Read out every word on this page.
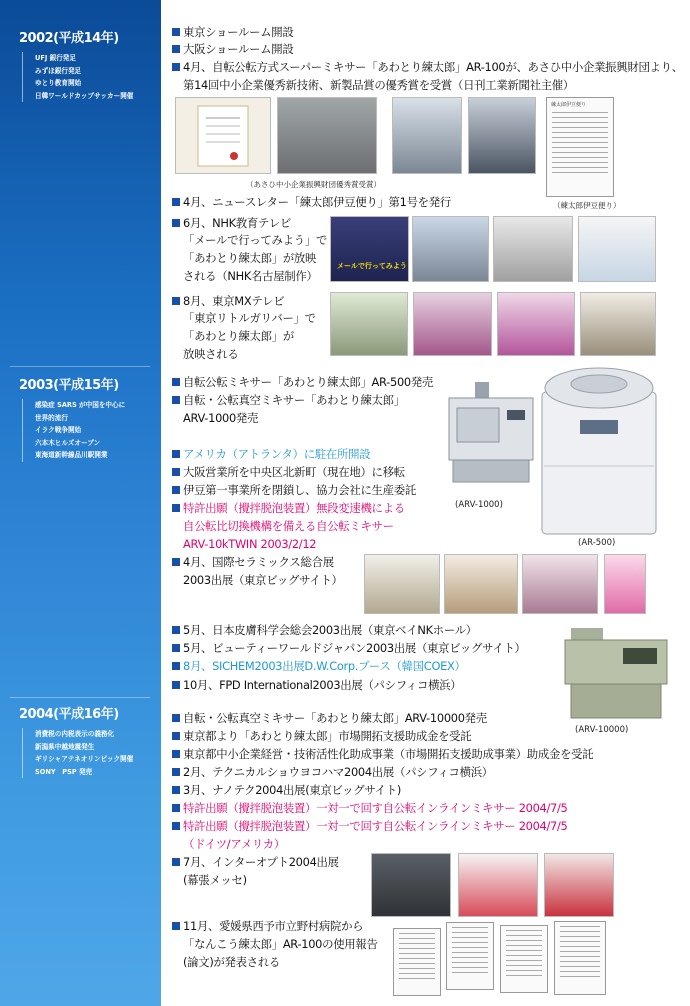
2002(平成14年)
UFJ 銀行発足
みずほ銀行発足
ゆとり教育開始
日韓ワールドカップサッカー開催
2003(平成15年)
感染症 SARS が中国を中心に
世界的流行
イラク戦争開始
六本木ヒルズオープン
東海道新幹線品川駅開業
2004(平成16年)
消費税の内税表示の義務化
新潟県中越地震発生
ギリシャアテネオリンピック開催
SONY　PSP 発売
東京ショールーム開設
大阪ショールーム開設
4月、自転公転方式スーパーミキサー「あわとり練太郎」AR-100が、あさひ中小企業振興財団より、
第14回中小企業優秀新技術、新製品賞の優秀賞を受賞（日刊工業新聞社主催）
（あさひ中小企業振興財団優秀賞受賞）
練太郎伊豆便り
（練太郎伊豆便り）
4月、ニュースレター「練太郎伊豆便り」第1号を発行
6月、NHK教育テレビ
「メールで行ってみよう」で
「あわとり練太郎」が放映
される（NHK名古屋制作）
メールで行ってみよう
8月、東京MXテレビ
「東京リトルガリバー」で
「あわとり練太郎」が
放映される
自転公転ミキサー「あわとり練太郎」AR-500発売
自転・公転真空ミキサー「あわとり練太郎」
ARV-1000発売
(ARV-1000)
(AR-500)
アメリカ（アトランタ）に駐在所開設
大阪営業所を中央区北新町（現在地）に移転
伊豆第一事業所を閉鎖し、協力会社に生産委託
特許出願（攪拌脱泡装置）無段変速機による
自公転比切換機構を備える自公転ミキサー
ARV-10kTWIN 2003/2/12
4月、国際セラミックス総合展
2003出展（東京ビッグサイト）
5月、日本皮膚科学会総会2003出展（東京ベイNKホール）
5月、ビューティーワールドジャパン2003出展（東京ビッグサイト）
8月、SICHEM2003出展D.W.Corp.ブース（韓国COEX）
10月、FPD International2003出展（パシフィコ横浜）
(ARV-10000)
自転・公転真空ミキサー「あわとり練太郎」ARV-10000発売
東京都より「あわとり練太郎」市場開拓支援助成金を受託
東京都中小企業経営・技術活性化助成事業（市場開拓支援助成事業）助成金を受託
2月、テクニカルショウヨコハマ2004出展（パシフィコ横浜）
3月、ナノテク2004出展(東京ビッグサイト)
特許出願（攪拌脱泡装置）一対一で回す自公転インラインミキサー 2004/7/5
特許出願（攪拌脱泡装置）一対一で回す自公転インラインミキサー 2004/7/5
（ドイツ/アメリカ）
7月、インターオプト2004出展
(幕張メッセ)
11月、愛媛県西予市立野村病院から
「なんこう練太郎」AR-100の使用報告
(論文)が発表される
